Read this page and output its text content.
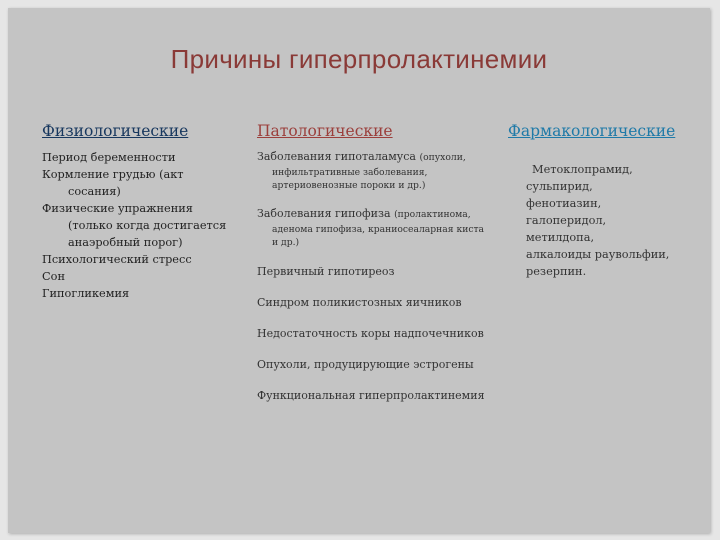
Причины гиперпролактинемии
Физиологические	Патологические	Фармакологические
Период беременности
Кормление грудью (акт
сосания)
Физические упражнения
(только когда достигается
анаэробный порог)
Психологический стресс
Сон
Гипогликемия
Заболевания гипоталамуса (опухоли,
инфильтративные заболевания,
артериовенозные пороки и др.)
Заболевания гипофиза (пролактинома,
аденома гипофиза, краниосеаларная киста
и др.)
Первичный гипотиреоз
Синдром поликистозных яичников
Недостаточность коры надпочечников
Опухоли, продуцирующие эстрогены
Функциональная гиперпролактинемия
Метоклопрамид,
сульпирид,
фенотиазин,
галоперидол,
метилдопа,
алкалоиды раувольфии,
резерпин.
